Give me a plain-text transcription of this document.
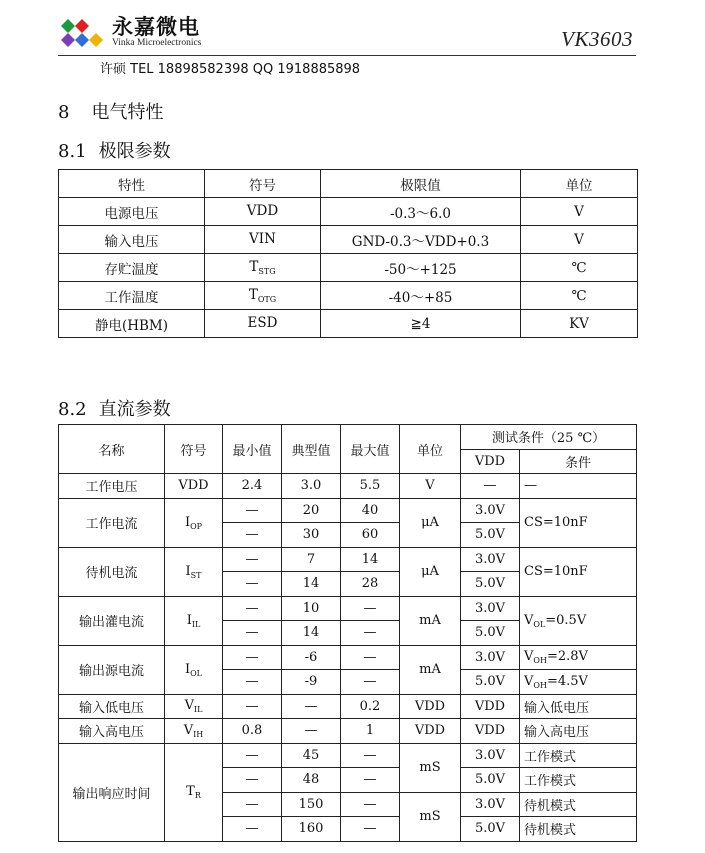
永嘉微电
Vinka Microelectronics	VK3603
许硕 TEL 18898582398 QQ 1918885898
8 电气特性
8.1 极限参数
特性	符号	极限值	单位
电源电压	VDD	-0.3～6.0	V
输入电压	VIN	GND-0.3～VDD+0.3	V
存贮温度	$T_{STG}$	-50～+125	℃
工作温度	$T_{OTG}$	-40～+85	℃
静电(HBM)	ESD	≧4	KV
8.2 直流参数
名称	符号	最小值	典型值	最大值	单位	测试条件（25 ℃）	
						VDD	条件
工作电压	VDD	2.4	3.0	5.5	V	—	—
工作电流	$I_{OP}$	—	20	40	μA	3.0V	CS=10nF
		—	30	60		5.0V	
待机电流	$I_{ST}$	—	7	14	μA	3.0V	CS=10nF
		—	14	28		5.0V	
输出灌电流	$I_{IL}$	—	10	—	mA	3.0V	$V_{OL}=0.5V$
		—	14	—		5.0V	
输出源电流	$I_{OL}$	—	-6	—	mA	3.0V	$V_{OH}=2.8V$
		—	-9	—		5.0V	$V_{OH}=4.5V$
输入低电压	$V_{IL}$	—	—	0.2	VDD	VDD	输入低电压
输入高电压	$V_{IH}$	0.8	—	1	VDD	VDD	输入高电压
输出响应时间	$T_R$	—	45	—	mS	3.0V	工作模式
		—	48	—		5.0V	工作模式
		—	150	—	mS	3.0V	待机模式
		—	160	—		5.0V	待机模式
